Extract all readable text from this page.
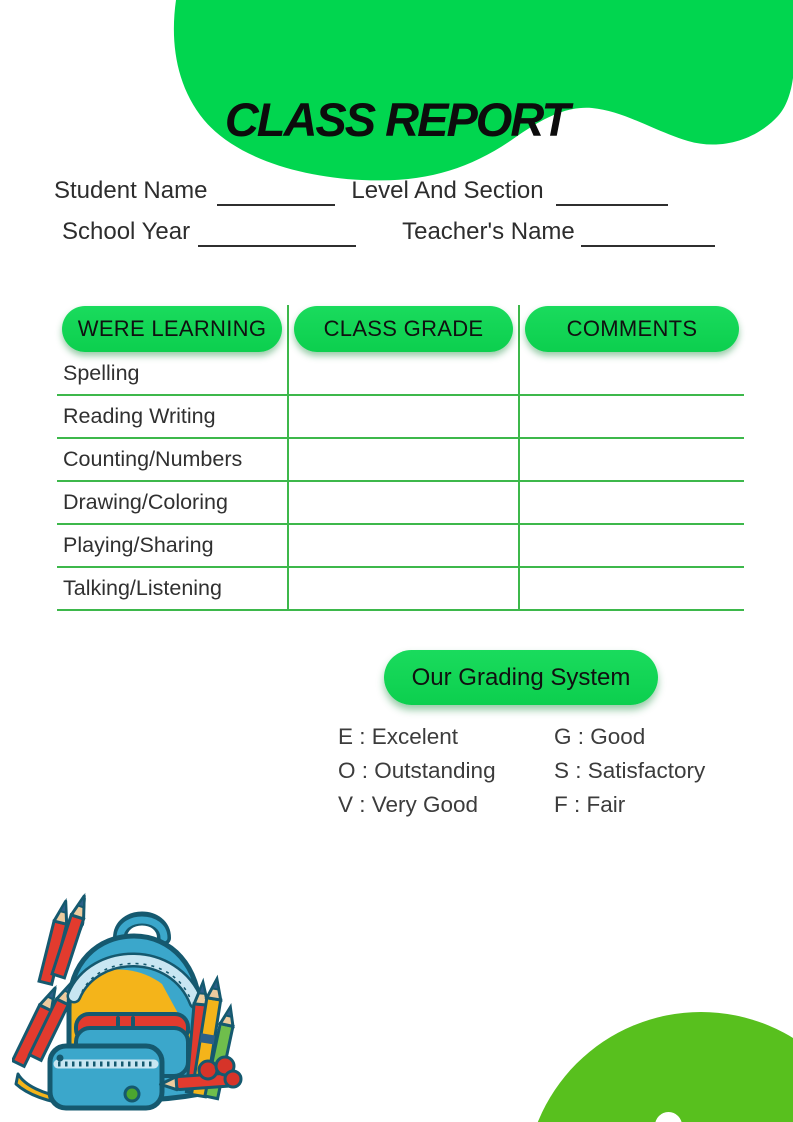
CLASS REPORT
Student Name	Level And Section
School Year	Teacher's Name
WERE LEARNING	CLASS GRADE	COMMENTS
Spelling
Reading Writing
Counting/Numbers
Drawing/Coloring
Playing/Sharing
Talking/Listening
Our Grading System
E : Excelent	G : Good
O : Outstanding	S : Satisfactory
V : Very Good	F : Fair
